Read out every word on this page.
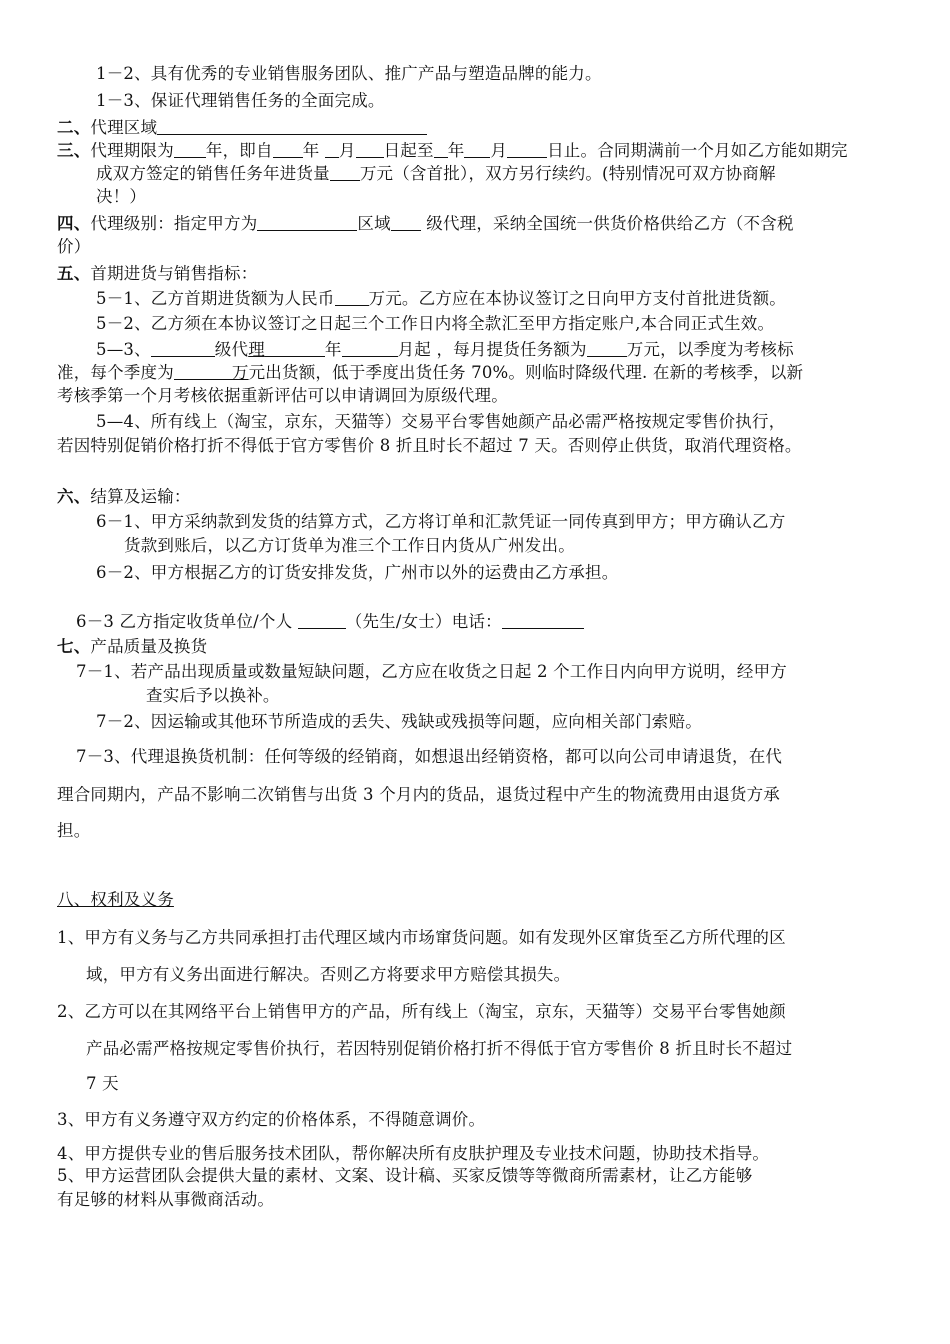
1－2、具有优秀的专业销售服务团队、推广产品与塑造品牌的能力。
1－3、保证代理销售任务的全面完成。
二、代理区域
三、代理期限为 年，即自 年 月 日起至 年 月 日止。合同期满前一个月如乙方能如期完
成双方签定的销售任务年进货量 万元（含首批），双方另行续约。(特别情况可双方协商解
决！）
四、代理级别：指定甲方为	区域 级代理，采纳全国统一供货价格供给乙方（不含税
价）
五、首期进货与销售指标：
5－1、乙方首期进货额为人民币 万元。乙方应在本协议签订之日向甲方支付首批进货额。
5－2、乙方须在本协议签订之日起三个工作日内将全款汇至甲方指定账户,本合同正式生效。
5—3、	级代理	年	月起 ，每月提货任务额为 万元，以季度为考核标
准，每个季度为	万元出货额，低于季度出货任务 70%。则临时降级代理. 在新的考核季，以新
考核季第一个月考核依据重新评估可以申请调回为原级代理。
5—4、所有线上（淘宝，京东，天猫等）交易平台零售她颜产品必需严格按规定零售价执行，
若因特别促销价格打折不得低于官方零售价 8 折且时长不超过 7 天。否则停止供货，取消代理资格。
六、结算及运输：
6－1、甲方采纳款到发货的结算方式，乙方将订单和汇款凭证一同传真到甲方；甲方确认乙方
货款到账后，以乙方订货单为准三个工作日内货从广州发出。
6－2、甲方根据乙方的订货安排发货，广州市以外的运费由乙方承担。
6－3 乙方指定收货单位/个人	（先生/女士）电话：
七、产品质量及换货
7－1、若产品出现质量或数量短缺问题，乙方应在收货之日起 2 个工作日内向甲方说明，经甲方
查实后予以换补。
7－2、因运输或其他环节所造成的丢失、残缺或残损等问题，应向相关部门索赔。
7－3、代理退换货机制：任何等级的经销商，如想退出经销资格，都可以向公司申请退货，在代
理合同期内，产品不影响二次销售与出货 3 个月内的货品，退货过程中产生的物流费用由退货方承
担。
八、权利及义务
1、甲方有义务与乙方共同承担打击代理区域内市场窜货问题。如有发现外区窜货至乙方所代理的区
域，甲方有义务出面进行解决。否则乙方将要求甲方赔偿其损失。
2、乙方可以在其网络平台上销售甲方的产品，所有线上（淘宝，京东，天猫等）交易平台零售她颜
产品必需严格按规定零售价执行，若因特别促销价格打折不得低于官方零售价 8 折且时长不超过
7 天
3、甲方有义务遵守双方约定的价格体系，不得随意调价。
4、甲方提供专业的售后服务技术团队，帮你解决所有皮肤护理及专业技术问题，协助技术指导。
5、甲方运营团队会提供大量的素材、文案、设计稿、买家反馈等等微商所需素材，让乙方能够
有足够的材料从事微商活动。
